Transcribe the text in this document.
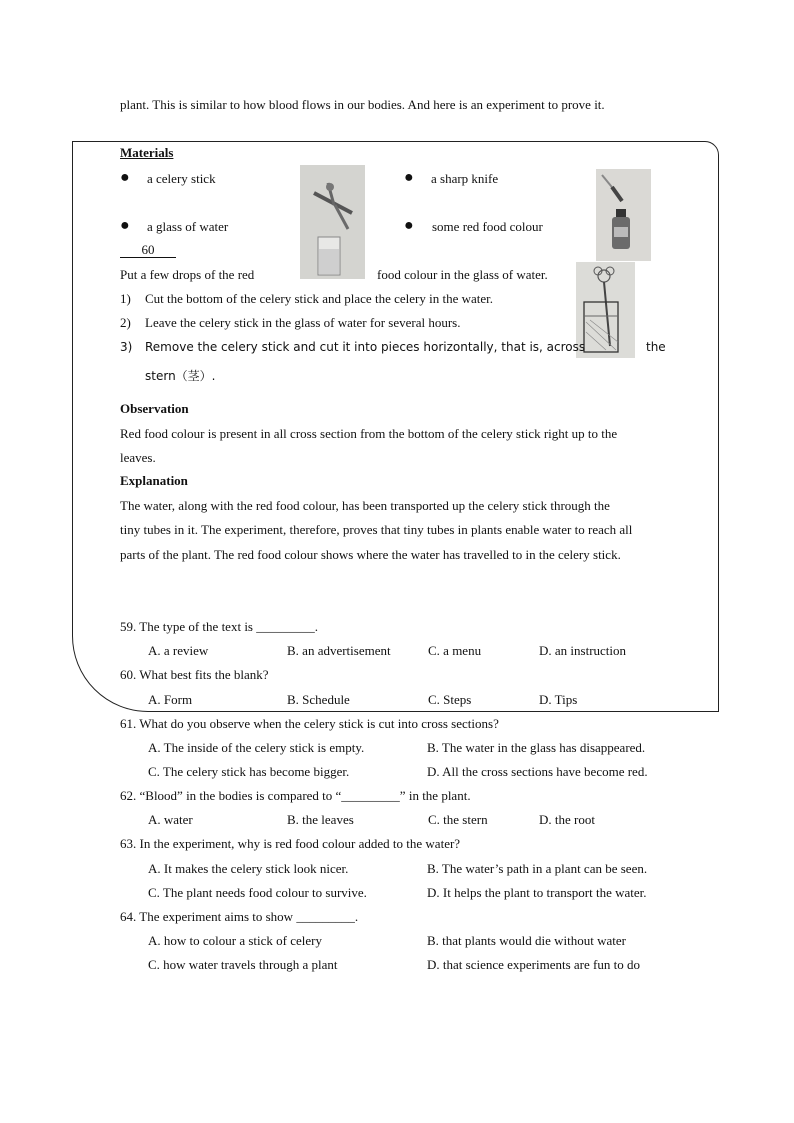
plant. This is similar to how blood flows in our bodies. And here is an experiment to prove it.
Materials
● a celery stick	● a sharp knife
● a glass of water	● some red food colour
60
Put a few drops of the red	food colour in the glass of water.
1) Cut the bottom of the celery stick and place the celery in the water.
2) Leave the celery stick in the glass of water for several hours.
3) Remove the celery stick and cut it into pieces horizontally, that is, across	the
stern（茎）.
Observation
Red food colour is present in all cross section from the bottom of the celery stick right up to the
leaves.
Explanation
The water, along with the red food colour, has been transported up the celery stick through the
tiny tubes in it. The experiment, therefore, proves that tiny tubes in plants enable water to reach all
parts of the plant. The red food colour shows where the water has travelled to in the celery stick.
59. The type of the text is _________.
A. a review	B. an advertisement	C. a menu	D. an instruction
60. What best fits the blank?
A. Form	B. Schedule	C. Steps	D. Tips
61. What do you observe when the celery stick is cut into cross sections?
A. The inside of the celery stick is empty.	B. The water in the glass has disappeared.
C. The celery stick has become bigger.	D. All the cross sections have become red.
62. “Blood” in the bodies is compared to “_________” in the plant.
A. water	B. the leaves	C. the stern	D. the root
63. In the experiment, why is red food colour added to the water?
A. It makes the celery stick look nicer.	B. The water’s path in a plant can be seen.
C. The plant needs food colour to survive.	D. It helps the plant to transport the water.
64. The experiment aims to show _________.
A. how to colour a stick of celery	B. that plants would die without water
C. how water travels through a plant	D. that science experiments are fun to do
